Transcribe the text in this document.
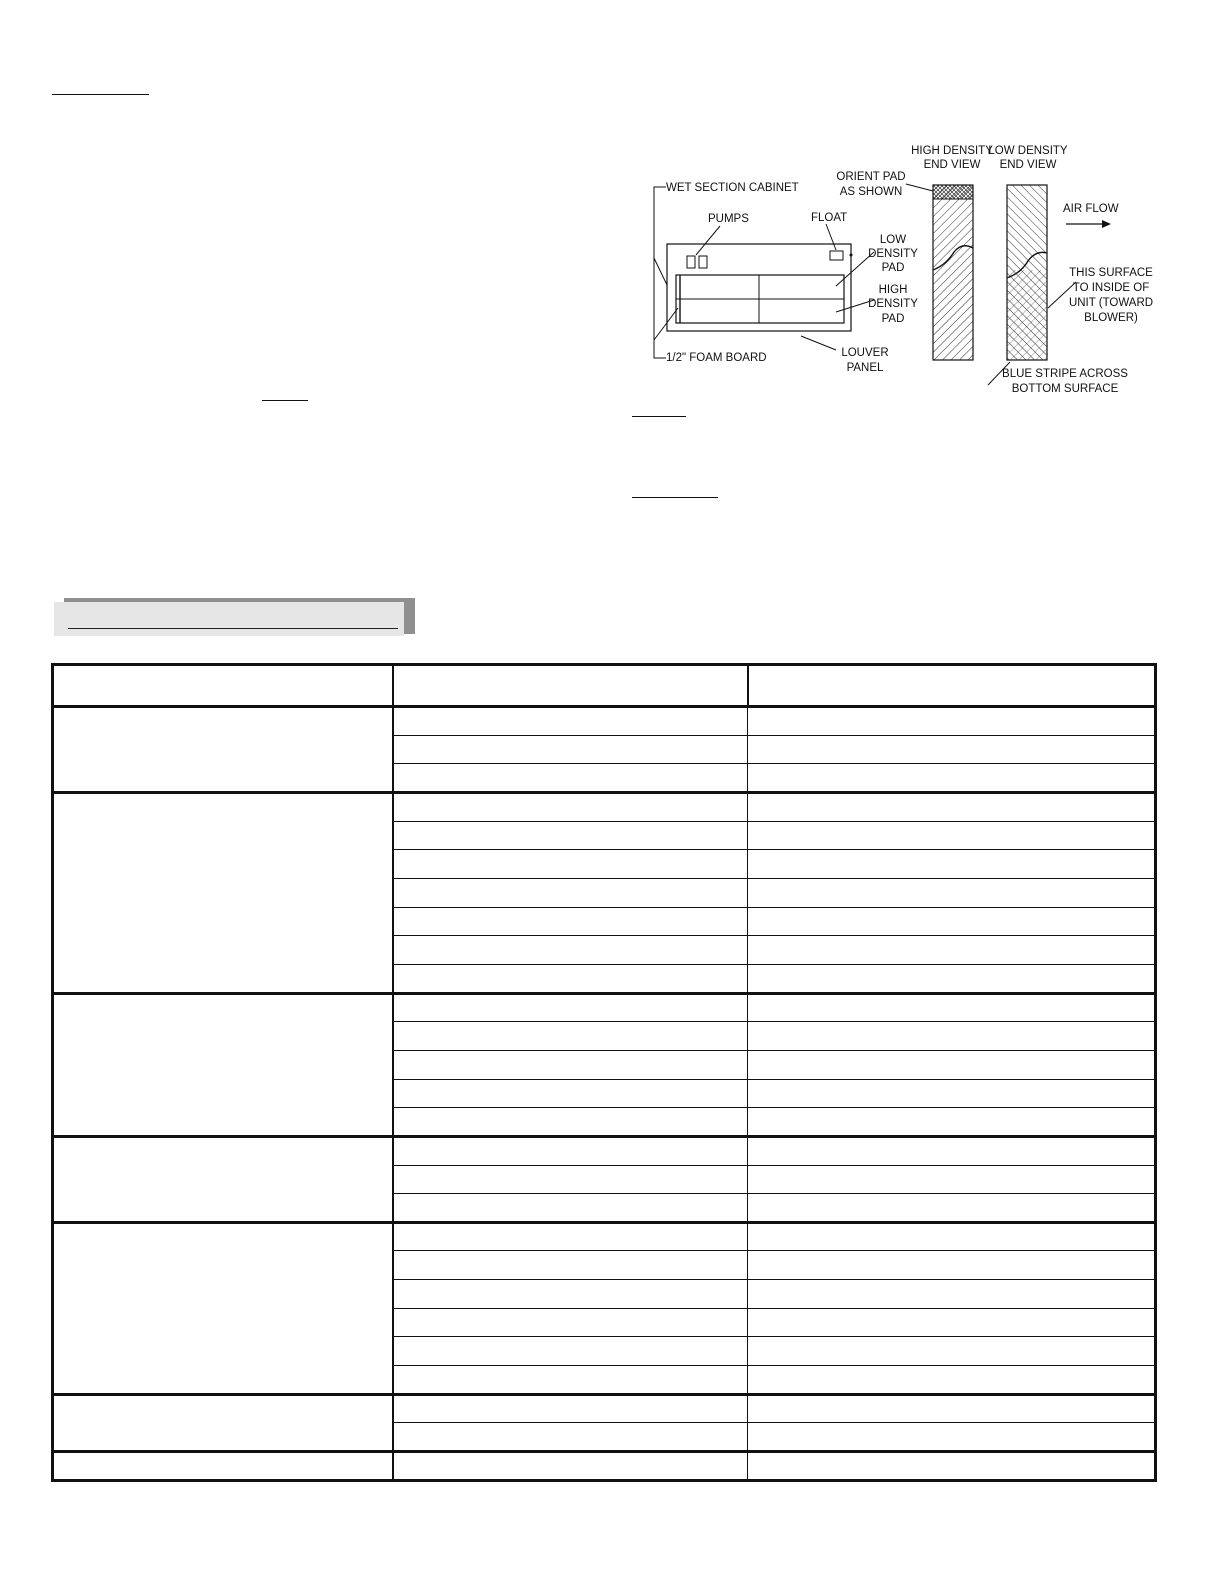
WET SECTION CABINET
PUMPS	FLOAT
LOW
DENSITY
PAD
HIGH
DENSITY
PAD
1/2" FOAM BOARD	LOUVER
PANEL
HIGH DENSITY
END VIEW
LOW DENSITY
END VIEW
ORIENT PAD
AS SHOWN
AIR FLOW
THIS SURFACE
TO INSIDE OF
UNIT (TOWARD
BLOWER)
BLUE STRIPE ACROSS
BOTTOM SURFACE
